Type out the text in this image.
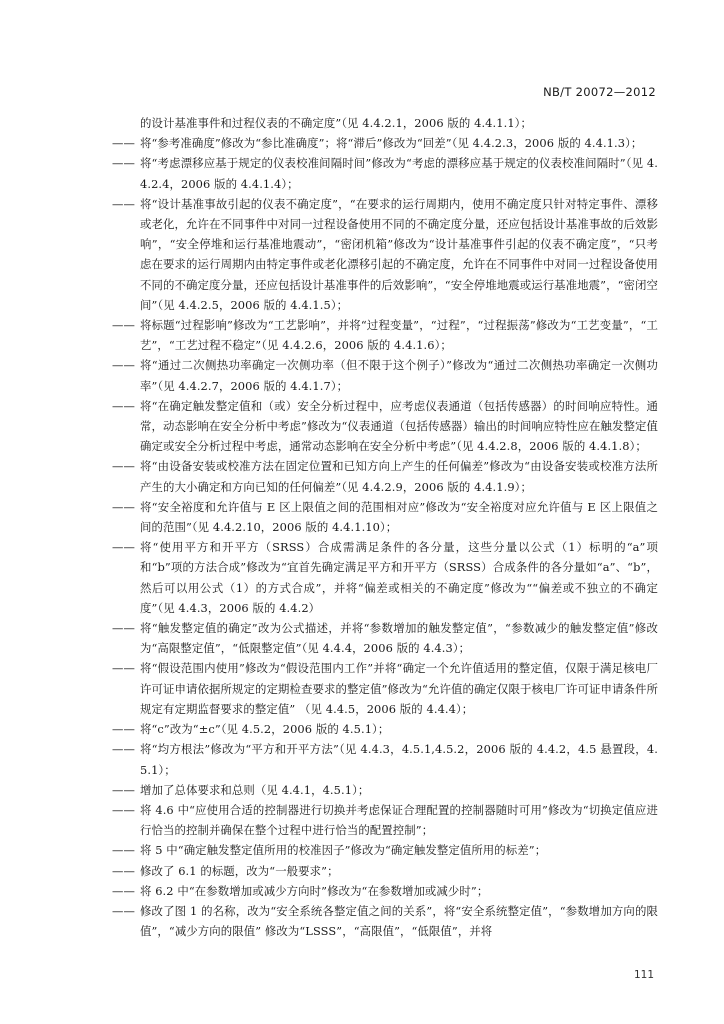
NB/T 20072—2012
的设计基准事件和过程仪表的不确定度”（见 4.4.2.1，2006 版的 4.4.1.1）；
—— 将“参考准确度”修改为“参比准确度”；将“滞后”修改为“回差”（见 4.4.2.3，2006 版的 4.4.1.3）；
—— 将“考虑漂移应基于规定的仪表校准间隔时间”修改为“考虑的漂移应基于规定的仪表校准间隔时”（见 4.4.2.4，2006 版的 4.4.1.4）；
—— 将“设计基准事故引起的仪表不确定度”，“在要求的运行周期内，使用不确定度只针对特定事件、漂移或老化，允许在不同事件中对同一过程设备使用不同的不确定度分量，还应包括设计基准事故的后效影响”，“安全停堆和运行基准地震动”，“密闭机箱”修改为“设计基准事件引起的仪表不确定度”，“只考虑在要求的运行周期内由特定事件或老化漂移引起的不确定度，允许在不同事件中对同一过程设备使用不同的不确定度分量，还应包括设计基准事件的后效影响”，“安全停堆地震或运行基准地震”，“密闭空间”（见 4.4.2.5，2006 版的 4.4.1.5）；
—— 将标题“过程影响”修改为“工艺影响”，并将“过程变量”，“过程”，“过程振荡”修改为“工艺变量”，“工艺”，“工艺过程不稳定”（见 4.4.2.6，2006 版的 4.4.1.6）；
—— 将“通过二次侧热功率确定一次侧功率（但不限于这个例子）”修改为“通过二次侧热功率确定一次侧功率”（见 4.4.2.7，2006 版的 4.4.1.7）；
—— 将“在确定触发整定值和（或）安全分析过程中，应考虑仪表通道（包括传感器）的时间响应特性。通常，动态影响在安全分析中考虑”修改为“仪表通道（包括传感器）输出的时间响应特性应在触发整定值确定或安全分析过程中考虑，通常动态影响在安全分析中考虑”（见 4.4.2.8，2006 版的 4.4.1.8）；
—— 将“由设备安装或校准方法在固定位置和已知方向上产生的任何偏差”修改为“由设备安装或校准方法所产生的大小确定和方向已知的任何偏差”（见 4.4.2.9，2006 版的 4.4.1.9）；
—— 将“安全裕度和允许值与 E 区上限值之间的范围相对应”修改为“安全裕度对应允许值与 E 区上限值之间的范围”（见 4.4.2.10，2006 版的 4.4.1.10）；
—— 将“使用平方和开平方（SRSS）合成需满足条件的各分量，这些分量以公式（1）标明的“a”项和“b”项的方法合成”修改为“宜首先确定满足平方和开平方（SRSS）合成条件的各分量如“a”、“b”，然后可以用公式（1）的方式合成”，并将“偏差或相关的不确定度”修改为““偏差或不独立的不确定度”（见 4.4.3，2006 版的 4.4.2）
—— 将“触发整定值的确定”改为公式描述，并将“参数增加的触发整定值”，“参数减少的触发整定值”修改为“高限整定值”，“低限整定值”（见 4.4.4，2006 版的 4.4.3）；
—— 将“假设范围内使用”修改为“假设范围内工作”并将“确定一个允许值适用的整定值，仅限于满足核电厂许可证申请依据所规定的定期检查要求的整定值”修改为“允许值的确定仅限于核电厂许可证申请条件所规定有定期监督要求的整定值” （见 4.4.5，2006 版的 4.4.4）；
—— 将“c”改为“±c”（见 4.5.2，2006 版的 4.5.1）；
—— 将“均方根法”修改为“平方和开平方法”（见 4.4.3，4.5.1,4.5.2，2006 版的 4.4.2，4.5 悬置段，4.5.1）；
—— 增加了总体要求和总则（见 4.4.1，4.5.1）；
—— 将 4.6 中“应使用合适的控制器进行切换并考虑保证合理配置的控制器随时可用”修改为“切换定值应进行恰当的控制并确保在整个过程中进行恰当的配置控制”；
—— 将 5 中“确定触发整定值所用的校准因子”修改为“确定触发整定值所用的标差”；
—— 修改了 6.1 的标题，改为“一般要求”；
—— 将 6.2 中“在参数增加或减少方向时”修改为“在参数增加或减少时”；
—— 修改了图 1 的名称，改为“安全系统各整定值之间的关系”，将“安全系统整定值”，“参数增加方向的限值”，“减少方向的限值” 修改为“LSSS”，“高限值”，“低限值”，并将
111
